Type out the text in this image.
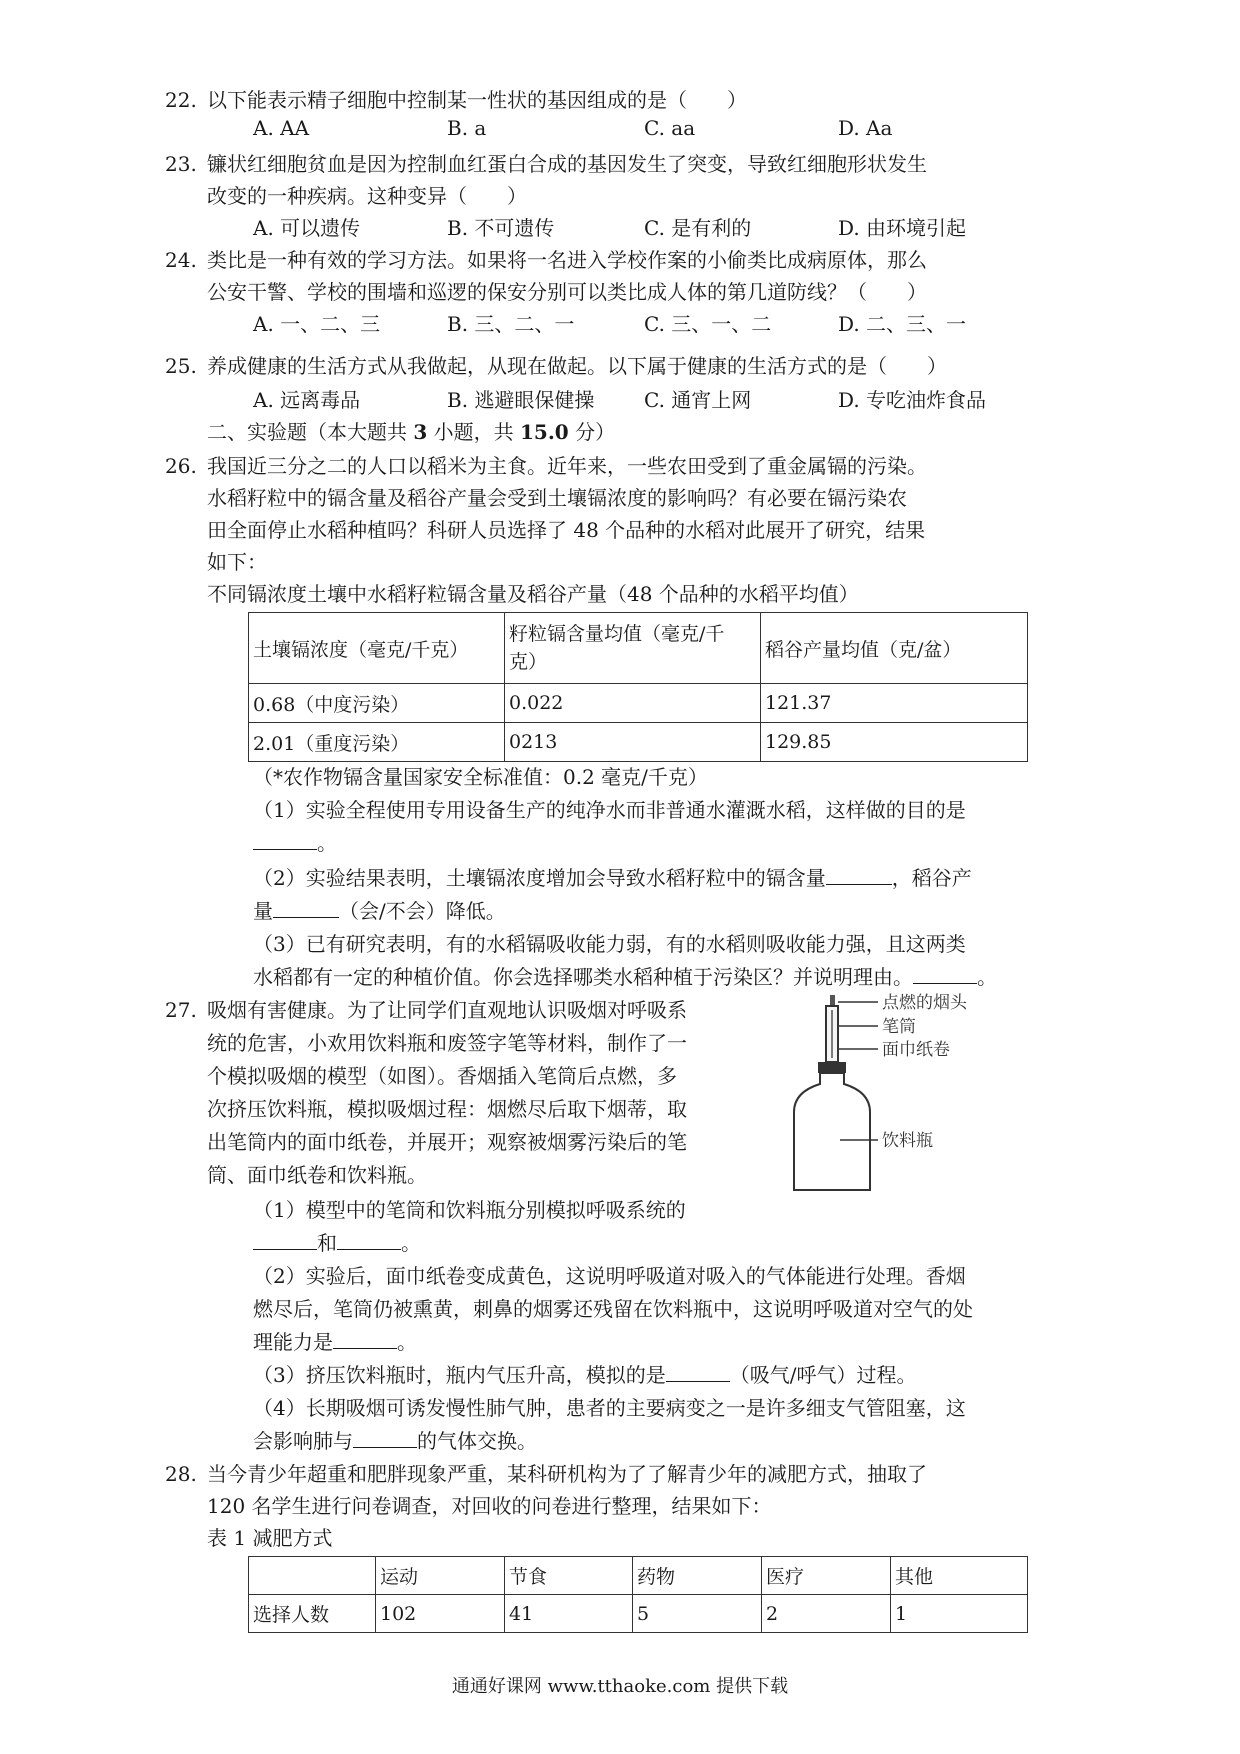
22. 以下能表示精子细胞中控制某一性状的基因组成的是（　　）
A. AA	B. a	C. aa	D. Aa
23. 镰状红细胞贫血是因为控制血红蛋白合成的基因发生了突变，导致红细胞形状发生
改变的一种疾病。这种变异（　　）
A. 可以遗传	B. 不可遗传	C. 是有利的	D. 由环境引起
24. 类比是一种有效的学习方法。如果将一名进入学校作案的小偷类比成病原体，那么
公安干警、学校的围墙和巡逻的保安分别可以类比成人体的第几道防线？（　　）
A. 一、二、三	B. 三、二、一	C. 三、一、二	D. 二、三、一
25. 养成健康的生活方式从我做起，从现在做起。以下属于健康的生活方式的是（　　）
A. 远离毒品	B. 逃避眼保健操 C. 通宵上网	D. 专吃油炸食品
二、实验题（本大题共 3 小题，共 15.0 分）
26. 我国近三分之二的人口以稻米为主食。近年来，一些农田受到了重金属镉的污染。
水稻籽粒中的镉含量及稻谷产量会受到土壤镉浓度的影响吗？有必要在镉污染农
田全面停止水稻种植吗？科研人员选择了 48 个品种的水稻对此展开了研究，结果
如下：
不同镉浓度土壤中水稻籽粒镉含量及稻谷产量（48 个品种的水稻平均值）
土壤镉浓度（毫克/千克）	籽粒镉含量均值（毫克/千
克）	稻谷产量均值（克/盆）
0.68（中度污染）	0.022	121.37
2.01（重度污染）	0213	129.85
（*农作物镉含量国家安全标准值：0.2 毫克/千克）
（1）实验全程使用专用设备生产的纯净水而非普通水灌溉水稻，这样做的目的是
。
（2）实验结果表明，土壤镉浓度增加会导致水稻籽粒中的镉含量	，稻谷产
量	（会/不会）降低。
（3）已有研究表明，有的水稻镉吸收能力弱，有的水稻则吸收能力强，且这两类
水稻都有一定的种植价值。你会选择哪类水稻种植于污染区？并说明理由。	。
27. 吸烟有害健康。为了让同学们直观地认识吸烟对呼吸系
统的危害，小欢用饮料瓶和废签字笔等材料，制作了一
个模拟吸烟的模型（如图）。香烟插入笔筒后点燃，多
次挤压饮料瓶，模拟吸烟过程：烟燃尽后取下烟蒂，取
出笔筒内的面巾纸卷，并展开；观察被烟雾污染后的笔
筒、面巾纸卷和饮料瓶。
点燃的烟头
笔筒
面巾纸卷
饮料瓶
（1）模型中的笔筒和饮料瓶分别模拟呼吸系统的
和	。
（2）实验后，面巾纸卷变成黄色，这说明呼吸道对吸入的气体能进行处理。香烟
燃尽后，笔筒仍被熏黄，刺鼻的烟雾还残留在饮料瓶中，这说明呼吸道对空气的处
理能力是	。
（3）挤压饮料瓶时，瓶内气压升高，模拟的是	（吸气/呼气）过程。
（4）长期吸烟可诱发慢性肺气肿，患者的主要病变之一是许多细支气管阻塞，这
会影响肺与	的气体交换。
28. 当今青少年超重和肥胖现象严重，某科研机构为了了解青少年的减肥方式，抽取了
120 名学生进行问卷调查，对回收的问卷进行整理，结果如下：
表 1 减肥方式
	运动	节食	药物	医疗	其他
选择人数	102	41	5	2	1
通通好课网 www.tthaoke.com 提供下载
